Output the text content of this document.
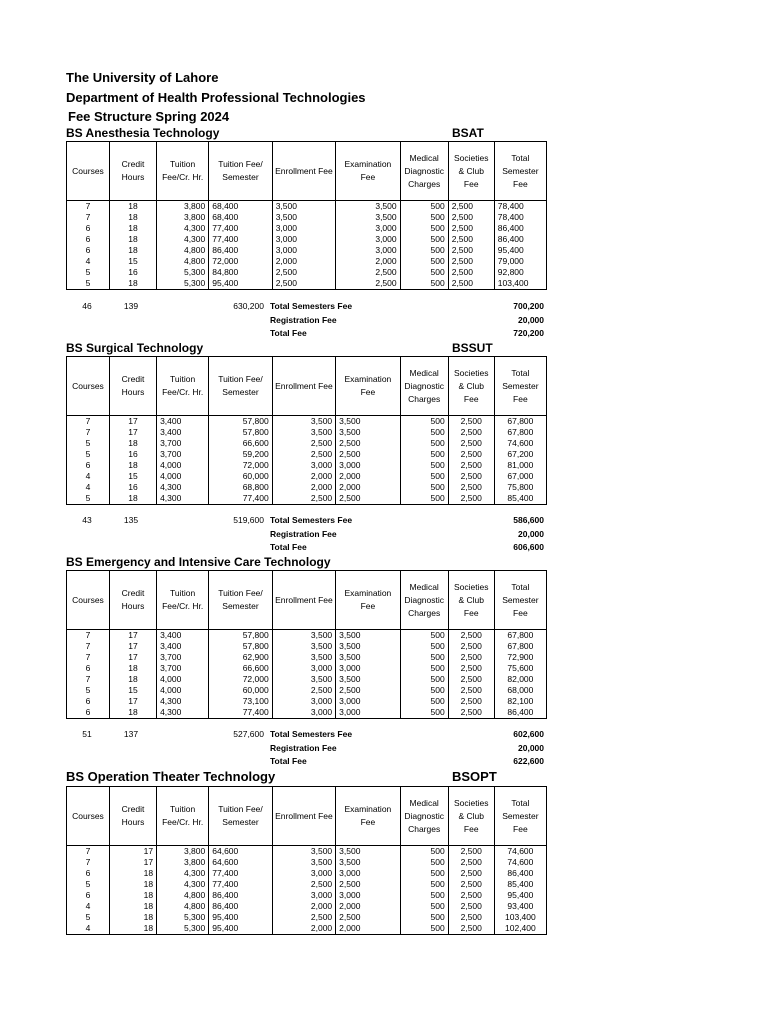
The University of Lahore
Department of Health Professional Technologies
Fee Structure Spring 2024
BS Anesthesia Technology	BSAT
BS Surgical Technology	BSSUT
BS Emergency and Intensive Care Technology
BS Operation Theater Technology	BSOPT
Courses	Credit Hours	Tuition Fee/Cr. Hr.	Tuition Fee/ Semester	Enrollment Fee	Examination Fee	Medical Diagnostic Charges	Societies & Club Fee	Total Semester Fee
7	18	3,800	68,400	3,500	3,500	500	2,500	78,400
7	18	3,800	68,400	3,500	3,500	500	2,500	78,400
6	18	4,300	77,400	3,000	3,000	500	2,500	86,400
6	18	4,300	77,400	3,000	3,000	500	2,500	86,400
6	18	4,800	86,400	3,000	3,000	500	2,500	95,400
4	15	4,800	72,000	2,000	2,000	500	2,500	79,000
5	16	5,300	84,800	2,500	2,500	500	2,500	92,800
5	18	5,300	95,400	2,500	2,500	500	2,500	103,400
46	139		630,200	Total Semesters Fee	700,200
				Registration Fee	20,000
				Total Fee	720,200
Courses	Credit Hours	Tuition Fee/Cr. Hr.	Tuition Fee/ Semester	Enrollment Fee	Examination Fee	Medical Diagnostic Charges	Societies & Club Fee	Total Semester Fee
7	17	3,400	57,800	3,500	3,500	500	2,500	67,800
7	17	3,400	57,800	3,500	3,500	500	2,500	67,800
5	18	3,700	66,600	2,500	2,500	500	2,500	74,600
5	16	3,700	59,200	2,500	2,500	500	2,500	67,200
6	18	4,000	72,000	3,000	3,000	500	2,500	81,000
4	15	4,000	60,000	2,000	2,000	500	2,500	67,000
4	16	4,300	68,800	2,000	2,000	500	2,500	75,800
5	18	4,300	77,400	2,500	2,500	500	2,500	85,400
43	135		519,600	Total Semesters Fee	586,600
				Registration Fee	20,000
				Total Fee	606,600
Courses	Credit Hours	Tuition Fee/Cr. Hr.	Tuition Fee/ Semester	Enrollment Fee	Examination Fee	Medical Diagnostic Charges	Societies & Club Fee	Total Semester Fee
7	17	3,400	57,800	3,500	3,500	500	2,500	67,800
7	17	3,400	57,800	3,500	3,500	500	2,500	67,800
7	17	3,700	62,900	3,500	3,500	500	2,500	72,900
6	18	3,700	66,600	3,000	3,000	500	2,500	75,600
7	18	4,000	72,000	3,500	3,500	500	2,500	82,000
5	15	4,000	60,000	2,500	2,500	500	2,500	68,000
6	17	4,300	73,100	3,000	3,000	500	2,500	82,100
6	18	4,300	77,400	3,000	3,000	500	2,500	86,400
51	137		527,600	Total Semesters Fee	602,600
				Registration Fee	20,000
				Total Fee	622,600
Courses	Credit Hours	Tuition Fee/Cr. Hr.	Tuition Fee/ Semester	Enrollment Fee	Examination Fee	Medical Diagnostic Charges	Societies & Club Fee	Total Semester Fee
7	17	3,800	64,600	3,500	3,500	500	2,500	74,600
7	17	3,800	64,600	3,500	3,500	500	2,500	74,600
6	18	4,300	77,400	3,000	3,000	500	2,500	86,400
5	18	4,300	77,400	2,500	2,500	500	2,500	85,400
6	18	4,800	86,400	3,000	3,000	500	2,500	95,400
4	18	4,800	86,400	2,000	2,000	500	2,500	93,400
5	18	5,300	95,400	2,500	2,500	500	2,500	103,400
4	18	5,300	95,400	2,000	2,000	500	2,500	102,400
